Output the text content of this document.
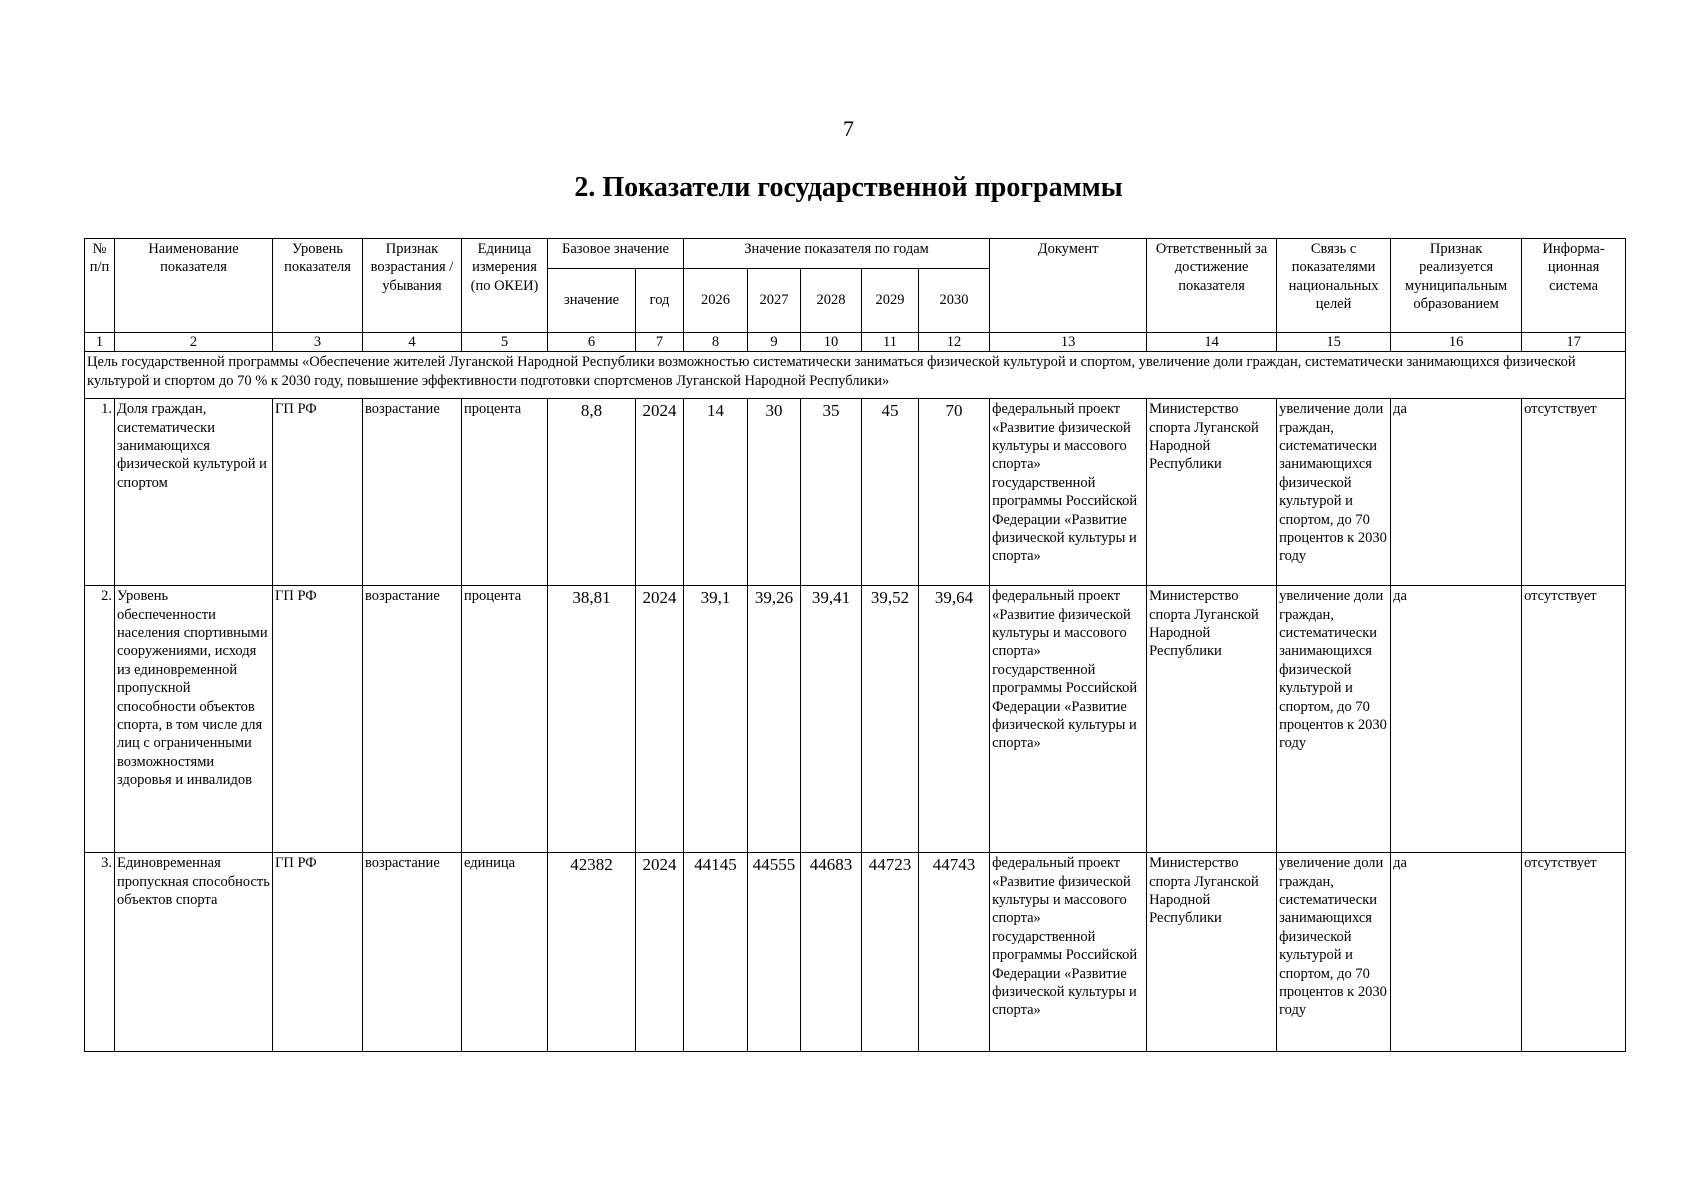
7
2. Показатели государственной программы
№ п/п	Наименование показателя	Уровень показателя	Признак возрастания / убывания	Единица измерения (по ОКЕИ)	Базовое значение		Значение показателя по годам					Документ	Ответственный за достижение показателя	Связь с показателями национальных целей	Признак реализуется муниципальным образованием	Информа-ционная система
					значение	год	2026	2027	2028	2029	2030					
1	2	3	4	5	6	7	8	9	10	11	12	13	14	15	16	17
Цель государственной программы «Обеспечение жителей Луганской Народной Республики возможностью систематически заниматься физической культурой и спортом, увеличение доли граждан, систематически занимающихся физической культурой и спортом до 70 % к 2030 году, повышение эффективности подготовки спортсменов Луганской Народной Республики»																
1.	Доля граждан, систематически занимающихся физической культурой и спортом	ГП РФ	возрастание	процента	8,8	2024	14	30	35	45	70	федеральный проект «Развитие физической культуры и массового спорта» государственной программы Российской Федерации «Развитие физической культуры и спорта»	Министерство спорта Луганской Народной Республики	увеличение доли граждан, систематически занимающихся физической культурой и спортом, до 70 процентов к 2030 году	да	отсутствует
2.	Уровень обеспеченности населения спортивными сооружениями, исходя из единовременной пропускной способности объектов спорта, в том числе для лиц с ограниченными возможностями здоровья и инвалидов	ГП РФ	возрастание	процента	38,81	2024	39,1	39,26	39,41	39,52	39,64	федеральный проект «Развитие физической культуры и массового спорта» государственной программы Российской Федерации «Развитие физической культуры и спорта»	Министерство спорта Луганской Народной Республики	увеличение доли граждан, систематически занимающихся физической культурой и спортом, до 70 процентов к 2030 году	да	отсутствует
3.	Единовременная пропускная способность объектов спорта	ГП РФ	возрастание	единица	42382	2024	44145	44555	44683	44723	44743	федеральный проект «Развитие физической культуры и массового спорта» государственной программы Российской Федерации «Развитие физической культуры и спорта»	Министерство спорта Луганской Народной Республики	увеличение доли граждан, систематически занимающихся физической культурой и спортом, до 70 процентов к 2030 году	да	отсутствует
